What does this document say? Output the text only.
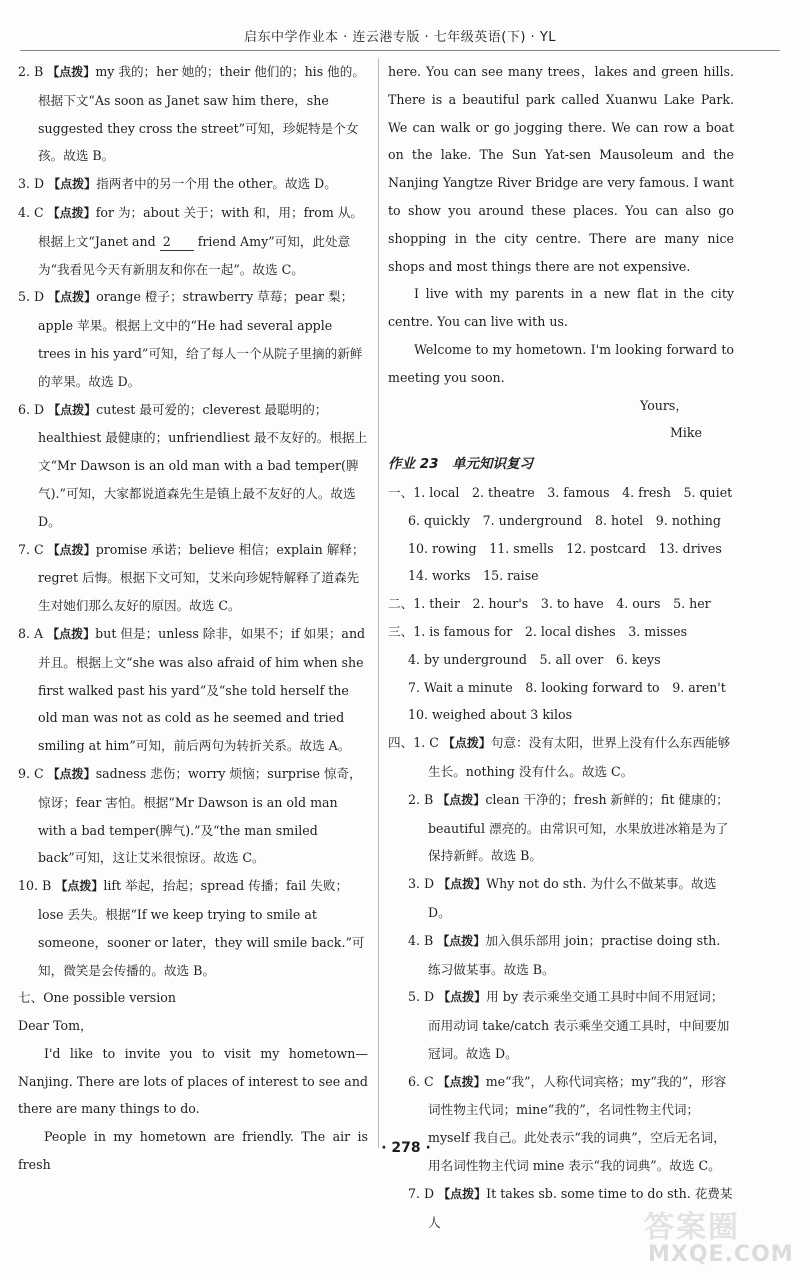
启东中学作业本 · 连云港专版 · 七年级英语(下) · YL

2. B 【点拨】my 我的；her 她的；their 他们的；his 他的。根据下文“As soon as Janet saw him there，she suggested they cross the street”可知，珍妮特是个女孩。故选 B。

3. D 【点拨】指两者中的另一个用 the other。故选 D。

4. C 【点拨】for 为；about 关于；with 和，用；from 从。根据上文“Janet and 2 friend Amy”可知，此处意为“我看见今天有新朋友和你在一起”。故选 C。

5. D 【点拨】orange 橙子；strawberry 草莓；pear 梨；apple 苹果。根据上文中的“He had several apple trees in his yard”可知，给了每人一个从院子里摘的新鲜的苹果。故选 D。

6. D 【点拨】cutest 最可爱的；cleverest 最聪明的；healthiest 最健康的；unfriendliest 最不友好的。根据上文“Mr Dawson is an old man with a bad temper(脾气).”可知，大家都说道森先生是镇上最不友好的人。故选 D。

7. C 【点拨】promise 承诺；believe 相信；explain 解释；regret 后悔。根据下文可知，艾米向珍妮特解释了道森先生对她们那么友好的原因。故选 C。

8. A 【点拨】but 但是；unless 除非，如果不；if 如果；and 并且。根据上文“she was also afraid of him when she first walked past his yard”及“she told herself the old man was not as cold as he seemed and tried smiling at him”可知，前后两句为转折关系。故选 A。

9. C 【点拨】sadness 悲伤；worry 烦恼；surprise 惊奇，惊讶；fear 害怕。根据“Mr Dawson is an old man with a bad temper(脾气).”及“the man smiled back”可知，这让艾米很惊讶。故选 C。

10. B 【点拨】lift 举起，抬起；spread 传播；fail 失败；lose 丢失。根据“If we keep trying to smile at someone，sooner or later，they will smile back.”可知，微笑是会传播的。故选 B。

七、One possible version

Dear Tom，

I'd like to invite you to visit my hometown—Nanjing. There are lots of places of interest to see and there are many things to do.

People in my hometown are friendly. The air is fresh

here. You can see many trees，lakes and green hills. There is a beautiful park called Xuanwu Lake Park. We can walk or go jogging there. We can row a boat on the lake. The Sun Yat-sen Mausoleum and the Nanjing Yangtze River Bridge are very famous. I want to show you around these places. You can also go shopping in the city centre. There are many nice shops and most things there are not expensive.

I live with my parents in a new flat in the city centre. You can live with us.

Welcome to my hometown. I'm looking forward to meeting you soon.

Yours，

Mike

作业 23　单元知识复习

一、1. local　2. theatre　3. famous　4. fresh　5. quiet

6. quickly　7. underground　8. hotel　9. nothing

10. rowing　11. smells　12. postcard　13. drives

14. works　15. raise

二、1. their　2. hour's　3. to have　4. ours　5. her

三、1. is famous for　2. local dishes　3. misses

4. by underground　5. all over　6. keys

7. Wait a minute　8. looking forward to　9. aren't

10. weighed about 3 kilos

四、1. C 【点拨】句意：没有太阳，世界上没有什么东西能够生长。nothing 没有什么。故选 C。

2. B 【点拨】clean 干净的；fresh 新鲜的；fit 健康的；beautiful 漂亮的。由常识可知，水果放进冰箱是为了保持新鲜。故选 B。

3. D 【点拨】Why not do sth. 为什么不做某事。故选 D。

4. B 【点拨】加入俱乐部用 join；practise doing sth. 练习做某事。故选 B。

5. D 【点拨】用 by 表示乘坐交通工具时中间不用冠词；而用动词 take/catch 表示乘坐交通工具时，中间要加冠词。故选 D。

6. C 【点拨】me“我”，人称代词宾格；my“我的”，形容词性物主代词；mine“我的”，名词性物主代词；myself 我自己。此处表示“我的词典”，空后无名词，用名词性物主代词 mine 表示“我的词典”。故选 C。

7. D 【点拨】It takes sb. some time to do sth. 花费某人

· 278 ·
答案圈
MXQE.COM
